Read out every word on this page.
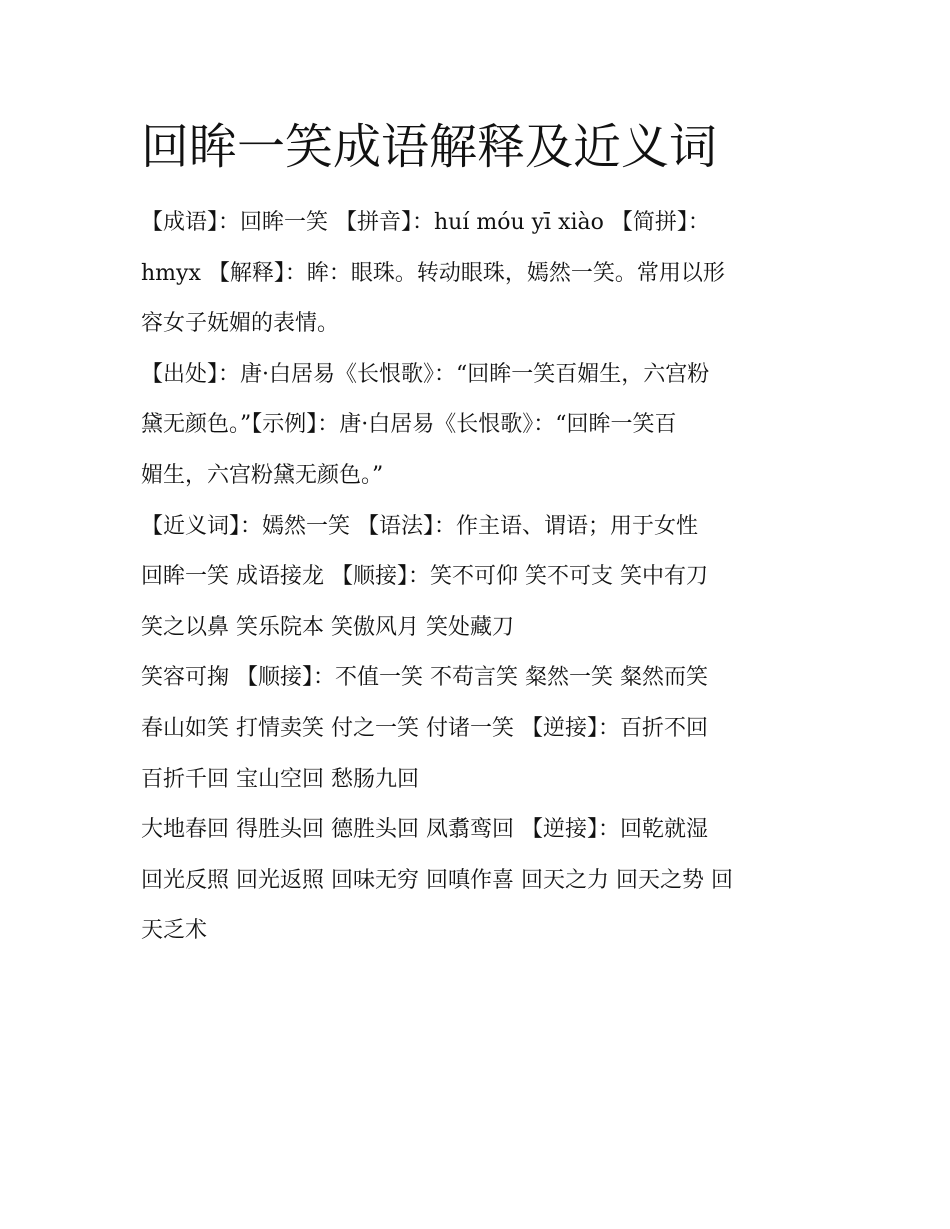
回眸一笑成语解释及近义词

【成语】：回眸一笑 【拼音】：huí móu yī xiào 【简拼】：

hmyx 【解释】：眸：眼珠。转动眼珠，嫣然一笑。常用以形

容女子妩媚的表情。

【出处】：唐·白居易《长恨歌》：“回眸一笑百媚生，六宫粉

黛无颜色。”【示例】：唐·白居易《长恨歌》：“回眸一笑百

媚生，六宫粉黛无颜色。”

【近义词】：嫣然一笑 【语法】：作主语、谓语；用于女性

回眸一笑 成语接龙 【顺接】：笑不可仰 笑不可支 笑中有刀

笑之以鼻 笑乐院本 笑傲风月 笑处藏刀

笑容可掬 【顺接】：不值一笑 不苟言笑 粲然一笑 粲然而笑

春山如笑 打情卖笑 付之一笑 付诸一笑 【逆接】：百折不回

百折千回 宝山空回 愁肠九回

大地春回 得胜头回 德胜头回 凤翥鸾回 【逆接】：回乾就湿

回光反照 回光返照 回味无穷 回嗔作喜 回天之力 回天之势 回

天乏术
